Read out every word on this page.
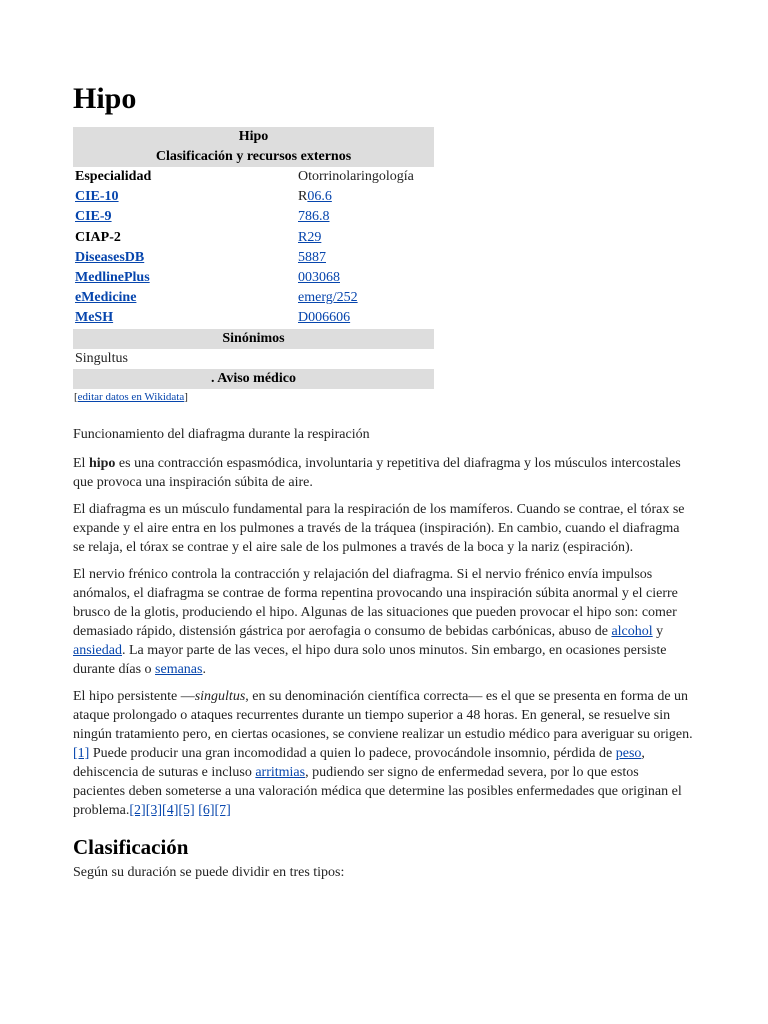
Hipo
Hipo
Clasificación y recursos externos
Especialidad	Otorrinolaringología
CIE-10	R06.6
CIE-9	786.8
CIAP-2	R29
DiseasesDB	5887
MedlinePlus	003068
eMedicine	emerg/252
MeSH	D006606
Sinónimos
Singultus
. Aviso médico
[editar datos en Wikidata]

Funcionamiento del diafragma durante la respiración

El hipo es una contracción espasmódica, involuntaria y repetitiva del diafragma y los músculos intercostales que provoca una inspiración súbita de aire.

El diafragma es un músculo fundamental para la respiración de los mamíferos. Cuando se contrae, el tórax se expande y el aire entra en los pulmones a través de la tráquea (inspiración). En cambio, cuando el diafragma se relaja, el tórax se contrae y el aire sale de los pulmones a través de la boca y la nariz (espiración).

El nervio frénico controla la contracción y relajación del diafragma. Si el nervio frénico envía impulsos anómalos, el diafragma se contrae de forma repentina provocando una inspiración súbita anormal y el cierre brusco de la glotis, produciendo el hipo. Algunas de las situaciones que pueden provocar el hipo son: comer demasiado rápido, distensión gástrica por aerofagia o consumo de bebidas carbónicas, abuso de alcohol y ansiedad. La mayor parte de las veces, el hipo dura solo unos minutos. Sin embargo, en ocasiones persiste durante días o semanas.

El hipo persistente —singultus, en su denominación científica correcta— es el que se presenta en forma de un ataque prolongado o ataques recurrentes durante un tiempo superior a 48 horas. En general, se resuelve sin ningún tratamiento pero, en ciertas ocasiones, se conviene realizar un estudio médico para averiguar su origen.[1] Puede producir una gran incomodidad a quien lo padece, provocándole insomnio, pérdida de peso, dehiscencia de suturas e incluso arritmias, pudiendo ser signo de enfermedad severa, por lo que estos pacientes deben someterse a una valoración médica que determine las posibles enfermedades que originan el problema.[2][3][4][5] [6][7]

Clasificación

Según su duración se puede dividir en tres tipos:
